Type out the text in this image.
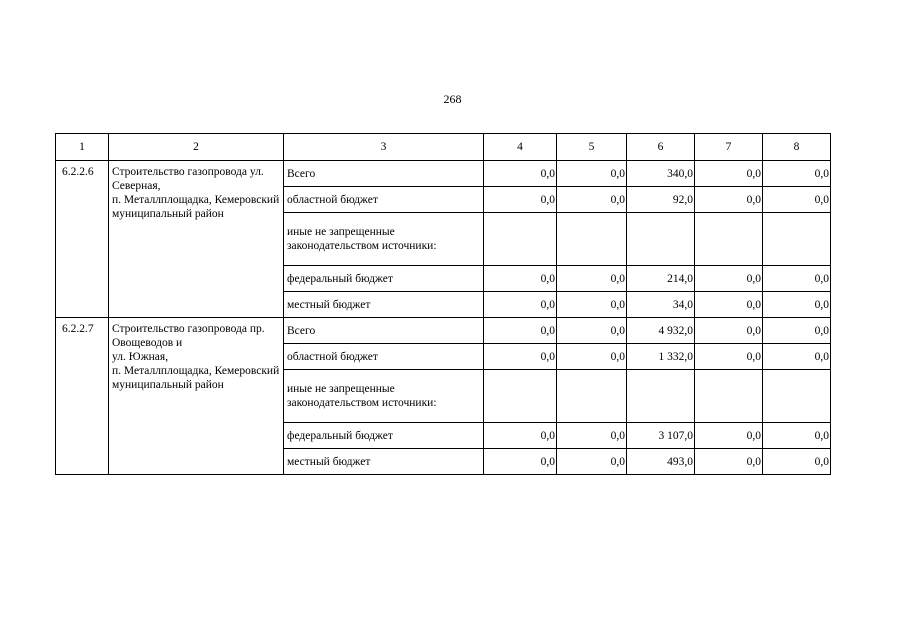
268
1	2	3	4	5	6	7	8
6.2.2.6	Строительство газопровода ул. Северная,
п. Металлплощадка, Кемеровский муниципальный район	Всего	0,0	0,0	340,0	0,0	0,0
		областной бюджет	0,0	0,0	92,0	0,0	0,0
		иные не запрещенные законодательством источники:					
		федеральный бюджет	0,0	0,0	214,0	0,0	0,0
		местный бюджет	0,0	0,0	34,0	0,0	0,0
6.2.2.7	Строительство газопровода пр. Овощеводов и
ул. Южная,
п. Металлплощадка, Кемеровский муниципальный район	Всего	0,0	0,0	4 932,0	0,0	0,0
		областной бюджет	0,0	0,0	1 332,0	0,0	0,0
		иные не запрещенные законодательством источники:					
		федеральный бюджет	0,0	0,0	3 107,0	0,0	0,0
		местный бюджет	0,0	0,0	493,0	0,0	0,0
